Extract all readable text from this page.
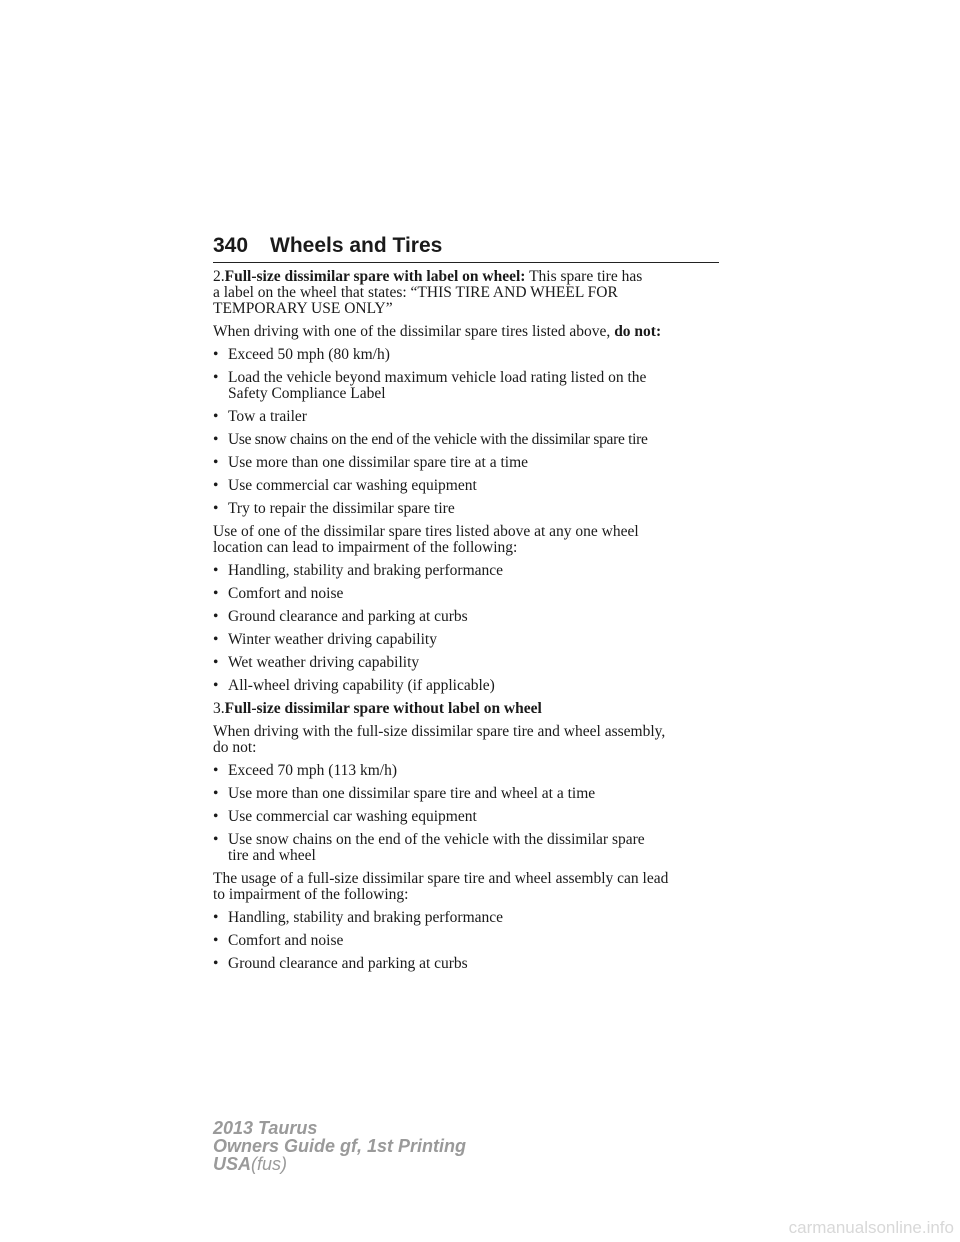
340 Wheels and Tires

2.Full-size dissimilar spare with label on wheel: This spare tire has
a label on the wheel that states: “THIS TIRE AND WHEEL FOR
TEMPORARY USE ONLY”

When driving with one of the dissimilar spare tires listed above, do not:

• Exceed 50 mph (80 km/h)
• Load the vehicle beyond maximum vehicle load rating listed on the
Safety Compliance Label
• Tow a trailer
• Use snow chains on the end of the vehicle with the dissimilar spare tire
• Use more than one dissimilar spare tire at a time
• Use commercial car washing equipment
• Try to repair the dissimilar spare tire

Use of one of the dissimilar spare tires listed above at any one wheel
location can lead to impairment of the following:

• Handling, stability and braking performance
• Comfort and noise
• Ground clearance and parking at curbs
• Winter weather driving capability
• Wet weather driving capability
• All-wheel driving capability (if applicable)

3.Full-size dissimilar spare without label on wheel

When driving with the full-size dissimilar spare tire and wheel assembly,
do not:

• Exceed 70 mph (113 km/h)
• Use more than one dissimilar spare tire and wheel at a time
• Use commercial car washing equipment
• Use snow chains on the end of the vehicle with the dissimilar spare
tire and wheel

The usage of a full-size dissimilar spare tire and wheel assembly can lead
to impairment of the following:

• Handling, stability and braking performance
• Comfort and noise
• Ground clearance and parking at curbs
2013 Taurus
Owners Guide gf, 1st Printing
USA(fus)
carmanualsonline.info
